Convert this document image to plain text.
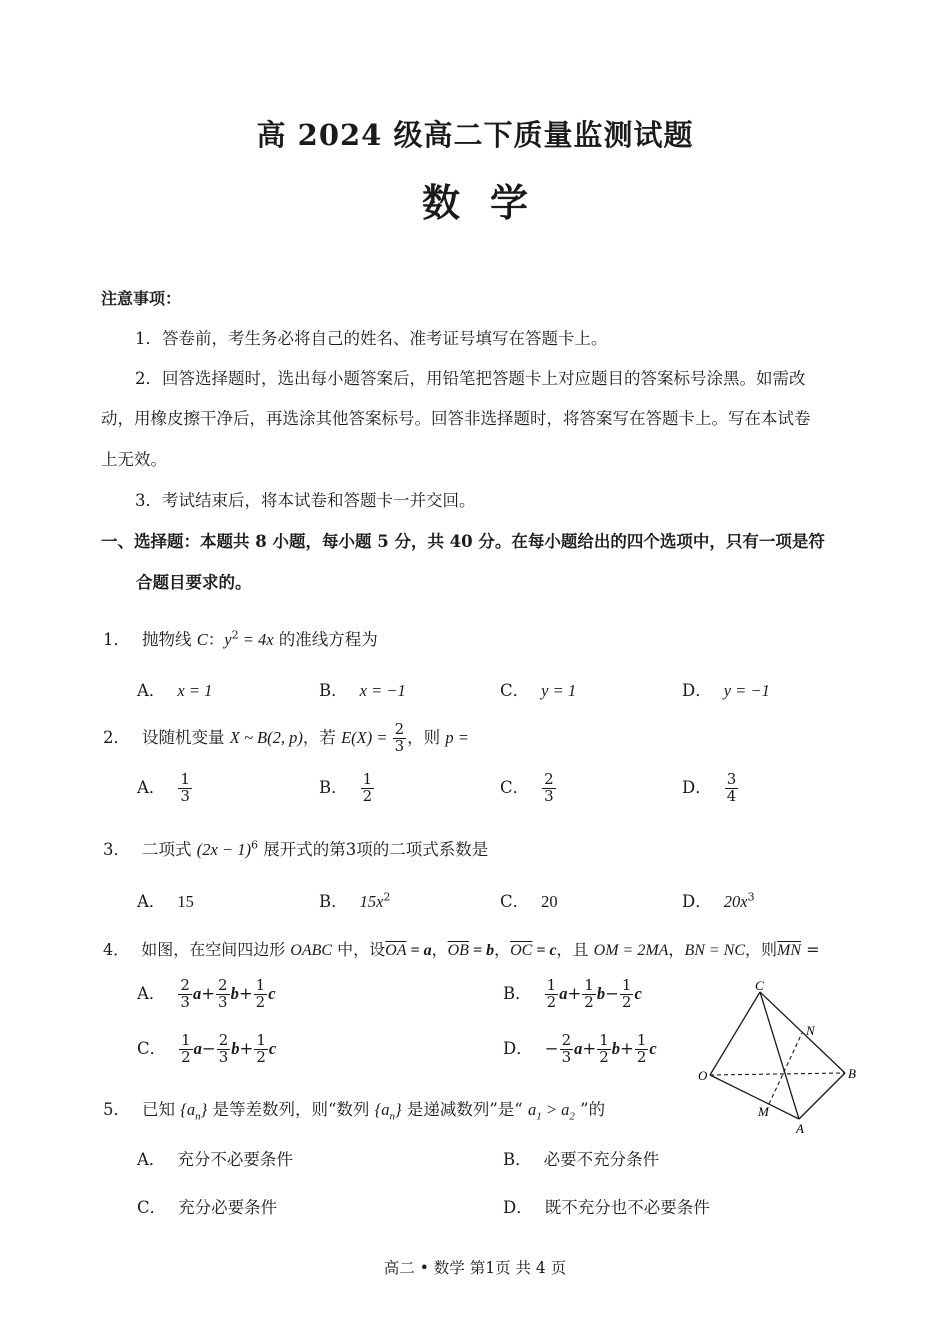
高 2024 级高二下质量监测试题
数学
注意事项：
1．答卷前，考生务必将自己的姓名、准考证号填写在答题卡上。
2．回答选择题时，选出每小题答案后，用铅笔把答题卡上对应题目的答案标号涂黑。如需改
动，用橡皮擦干净后，再选涂其他答案标号。回答非选择题时，将答案写在答题卡上。写在本试卷
上无效。
3．考试结束后，将本试卷和答题卡一并交回。
一、选择题：本题共 8 小题，每小题 5 分，共 40 分。在每小题给出的四个选项中，只有一项是符
合题目要求的。
1． 抛物线 C：$y^2 = 4x$ 的准线方程为
A． x = 1	B． x = −1	C． y = 1	D． y = −1
2． 设随机变量 X ~ B(2, p)，若 $E(X) = \frac{2}{3}$ ，则 p =
A． $\frac{1}{3}$	B． $\frac{1}{2}$	C． $\frac{2}{3}$	D． $\frac{3}{4}$
3． 二项式 $(2x - 1)^6$ 展开式的第3项的二项式系数是
A． 15	B． $15x^2$	C． 20	D． $20x^3$
4． 如图，在空间四边形 OABC 中，设$\overline{OA} = a$，$\overline{OB} = b$，$\overline{OC} = c$，且 OM = 2MA，BN = NC，则$\overline{MN}$ =
A． $\frac{2}{3} a+ \frac{2}{3} b+ \frac{1}{2}$ c	B． $\frac{1}{2} a+ \frac{1}{2} b- \frac{1}{2}$ c
C． $\frac{1}{2} a- \frac{2}{3} b+ \frac{1}{2}$ c	D． − $\frac{2}{3} a+ \frac{1}{2} b+ \frac{1}{2}$ c
C
N
O	B
M
A
5． 已知 $\{a_n\}$ 是等差数列，则“数列 $\{a_n\}$ 是递减数列”是“ $a_1 > a_2$ ”的
A． 充分不必要条件	B． 必要不充分条件
C． 充分必要条件	D． 既不充分也不必要条件
高二 • 数学 第1页 共 4 页
